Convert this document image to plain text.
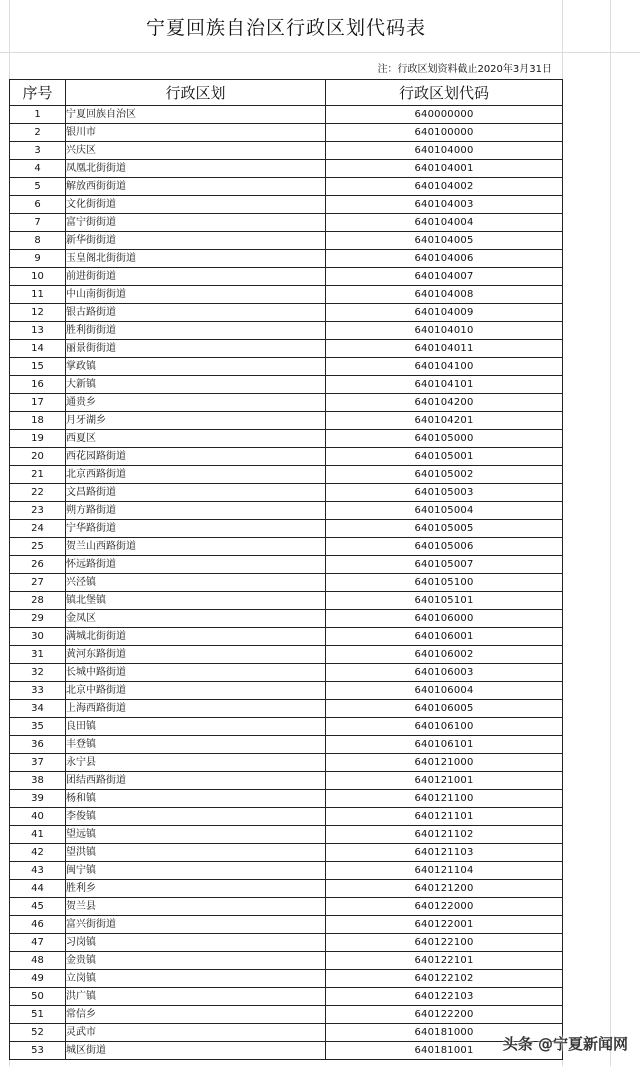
宁夏回族自治区行政区划代码表
注：行政区划资料截止2020年3月31日
序号	行政区划	行政区划代码
1	宁夏回族自治区	640000000
2	银川市	640100000
3	兴庆区	640104000
4	凤凰北街街道	640104001
5	解放西街街道	640104002
6	文化街街道	640104003
7	富宁街街道	640104004
8	新华街街道	640104005
9	玉皇阁北街街道	640104006
10	前进街街道	640104007
11	中山南街街道	640104008
12	银古路街道	640104009
13	胜利街街道	640104010
14	丽景街街道	640104011
15	掌政镇	640104100
16	大新镇	640104101
17	通贵乡	640104200
18	月牙湖乡	640104201
19	西夏区	640105000
20	西花园路街道	640105001
21	北京西路街道	640105002
22	文昌路街道	640105003
23	朔方路街道	640105004
24	宁华路街道	640105005
25	贺兰山西路街道	640105006
26	怀远路街道	640105007
27	兴泾镇	640105100
28	镇北堡镇	640105101
29	金凤区	640106000
30	满城北街街道	640106001
31	黄河东路街道	640106002
32	长城中路街道	640106003
33	北京中路街道	640106004
34	上海西路街道	640106005
35	良田镇	640106100
36	丰登镇	640106101
37	永宁县	640121000
38	团结西路街道	640121001
39	杨和镇	640121100
40	李俊镇	640121101
41	望远镇	640121102
42	望洪镇	640121103
43	闽宁镇	640121104
44	胜利乡	640121200
45	贺兰县	640122000
46	富兴街街道	640122001
47	习岗镇	640122100
48	金贵镇	640122101
49	立岗镇	640122102
50	洪广镇	640122103
51	常信乡	640122200
52	灵武市	640181000
53	城区街道	640181001 头条 @宁夏新闻网
